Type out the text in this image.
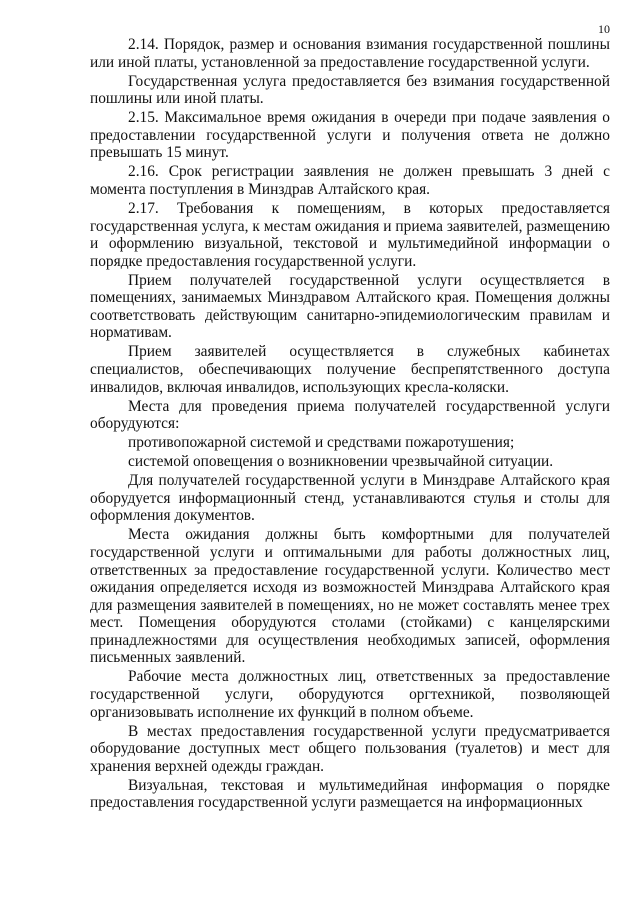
10

2.14. Порядок, размер и основания взимания государственной пошлины или иной платы, установленной за предоставление государственной услуги.

Государственная услуга предоставляется без взимания государственной пошлины или иной платы.

2.15. Максимальное время ожидания в очереди при подаче заявления о предоставлении государственной услуги и получения ответа не должно превышать 15 минут.

2.16. Срок регистрации заявления не должен превышать 3 дней с момента поступления в Минздрав Алтайского края.

2.17. Требования к помещениям, в которых предоставляется государственная услуга, к местам ожидания и приема заявителей, размещению и оформлению визуальной, текстовой и мультимедийной информации о порядке предоставления государственной услуги.

Прием получателей государственной услуги осуществляется в помещениях, занимаемых Минздравом Алтайского края. Помещения должны соответствовать действующим санитарно-эпидемиологическим правилам и нормативам.

Прием заявителей осуществляется в служебных кабинетах специалистов, обеспечивающих получение беспрепятственного доступа инвалидов, включая инвалидов, использующих кресла-коляски.

Места для проведения приема получателей государственной услуги оборудуются:

противопожарной системой и средствами пожаротушения;

системой оповещения о возникновении чрезвычайной ситуации.

Для получателей государственной услуги в Минздраве Алтайского края оборудуется информационный стенд, устанавливаются стулья и столы для оформления документов.

Места ожидания должны быть комфортными для получателей государственной услуги и оптимальными для работы должностных лиц, ответственных за предоставление государственной услуги. Количество мест ожидания определяется исходя из возможностей Минздрава Алтайского края для размещения заявителей в помещениях, но не может составлять менее трех мест. Помещения оборудуются столами (стойками) с канцелярскими принадлежностями для осуществления необходимых записей, оформления письменных заявлений.

Рабочие места должностных лиц, ответственных за предоставление государственной услуги, оборудуются оргтехникой, позволяющей организовывать исполнение их функций в полном объеме.

В местах предоставления государственной услуги предусматривается оборудование доступных мест общего пользования (туалетов) и мест для хранения верхней одежды граждан.

Визуальная, текстовая и мультимедийная информация о порядке предоставления государственной услуги размещается на информационных
